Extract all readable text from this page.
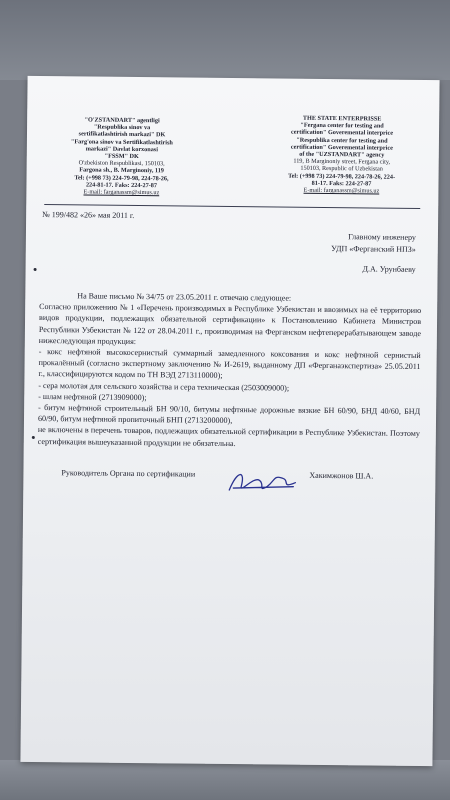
"O'ZSTANDART" agentligi
"Respublika sinov va
sertifikatlashtirish markazi" DK
"Farg'ona sinov va Sertifikatlashtirish
markazi" Davlat korxonasi
"FSSM" DK
O'zbekiston Respublikasi, 150103,
Fargona sh., B. Marginoniy, 119
Tel: (+998 73) 224-79-98, 224-78-26,
224-81-17. Faks: 224-27-87
E-mail: farganassm@simus.uz
THE STATE ENTERPRISSE
"Fergana center for testing and
certification" Goveremental interprice
"Respublika center for testing and
certification" Goveremental interprice
of the "UZSTANDART" agency
119, B Marginoniy street, Fergana city,
150103, Respublic of Uzbekistan
Tel: (+998 73) 224-79-98, 224-78-26, 224-
81-17. Faks: 224-27-87
E-mail: farganassm@simus.uz
№ 199/482 «26» мая 2011 г.
Главному инженеру
УДП «Ферганский НПЗ»
Д.А. Урунбаеву

На Ваше письмо № 34/75 от 23.05.2011 г. отвечаю следующее:

Согласно приложению № 1 «Перечень производимых в Республике Узбекистан и ввозимых на её территорию видов продукции, подлежащих обязательной сертификации» к Постановлению Кабинета Министров Республики Узбекистан № 122 от 28.04.2011 г., производимая на Ферганском нефтеперерабатывающем заводе нижеследующая продукция:

- кокс нефтяной высокосернистый суммарный замедленного коксования и кокс нефтяной сернистый прокалённый (согласно экспертному заключению № И-2619, выданному ДП «Ферганаэкспертиза» 25.05.2011 г., классифицируются кодом по ТН ВЭД 2713110000);

- сера молотая для сельского хозяйства и сера техническая (2503009000);

- шлам нефтяной (2713909000);

- битум нефтяной строительный БН 90/10, битумы нефтяные дорожные вязкие БН 60/90, БНД 40/60, БНД 60/90, битум нефтяной пропиточный БНП (2713200000),

не включены в перечень товаров, подлежащих обязательной сертификации в Республике Узбекистан. Поэтому сертификация вышеуказанной продукции не обязательна.

Руководитель Органа по сертификации	Хакимжонов Ш.А.
